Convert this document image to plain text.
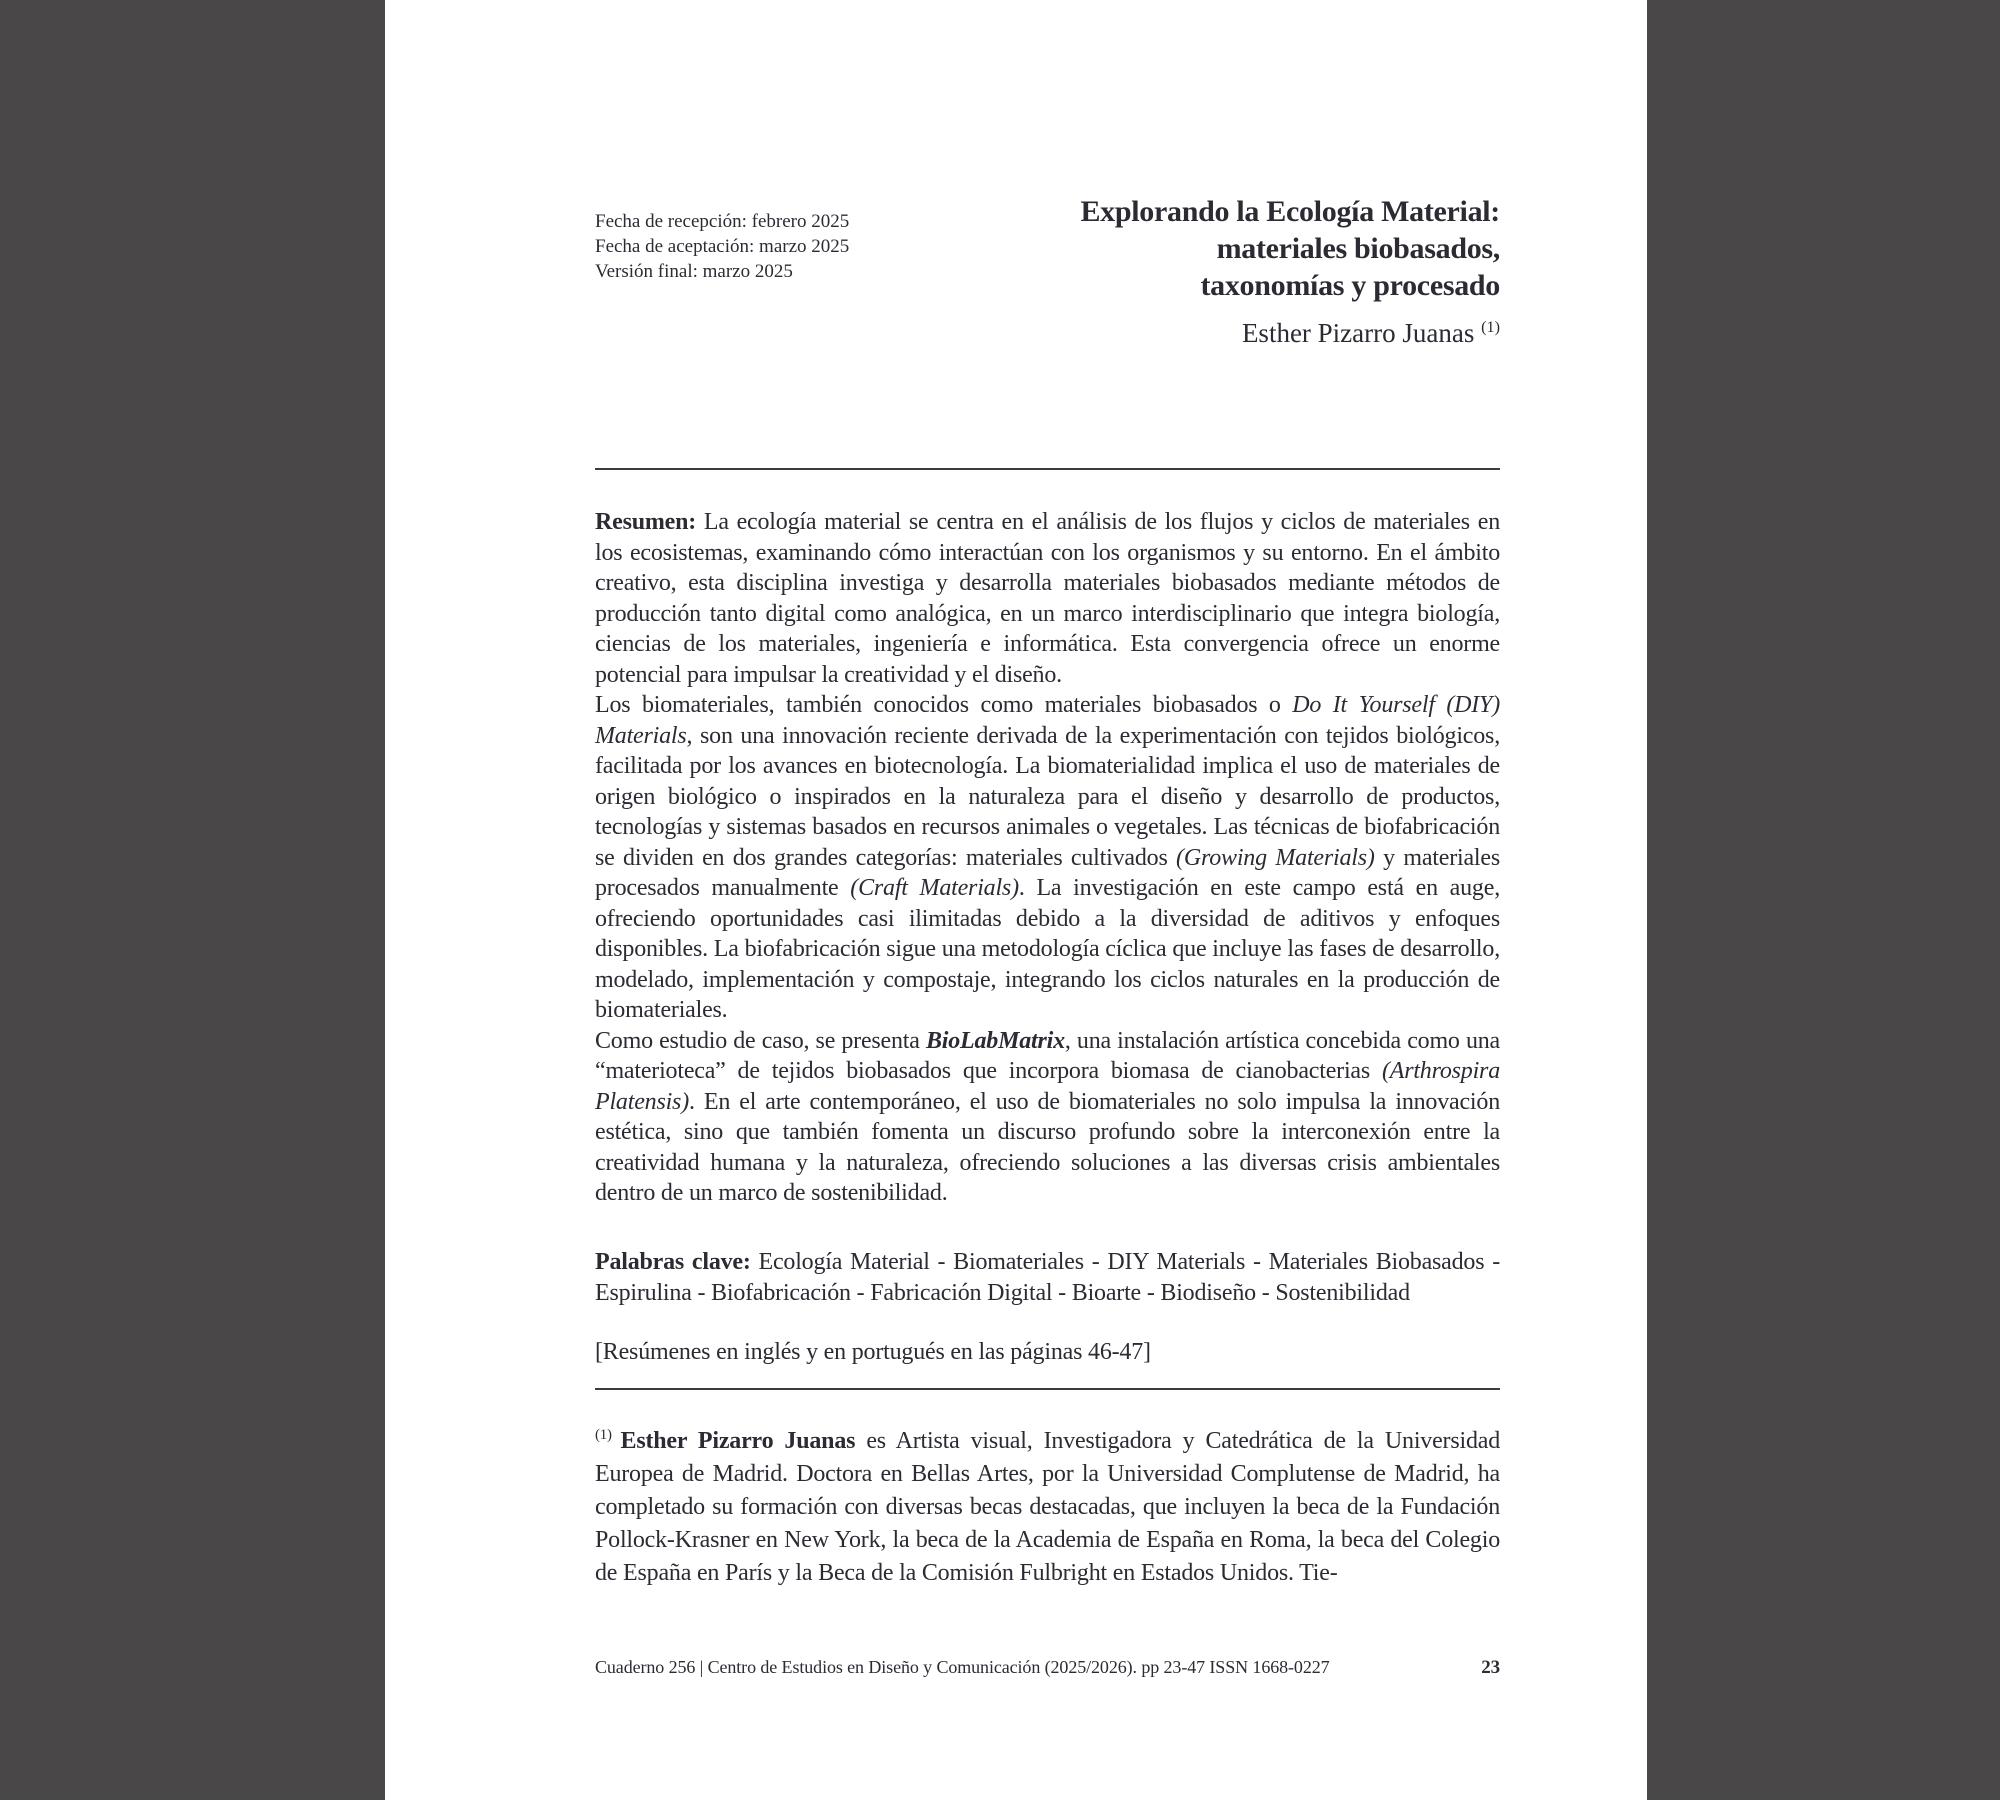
Fecha de recepción: febrero 2025
Fecha de aceptación: marzo 2025
Versión final: marzo 2025
Explorando la Ecología Material:
materiales biobasados,
taxonomías y procesado
Esther Pizarro Juanas $^{(1)}$

Resumen: La ecología material se centra en el análisis de los flujos y ciclos de materiales en los ecosistemas, examinando cómo interactúan con los organismos y su entorno. En el ámbito creativo, esta disciplina investiga y desarrolla materiales biobasados mediante métodos de producción tanto digital como analógica, en un marco interdisciplinario que integra biología, ciencias de los materiales, ingeniería e informática. Esta convergencia ofrece un enorme potencial para impulsar la creatividad y el diseño.

Los biomateriales, también conocidos como materiales biobasados o Do It Yourself (DIY) Materials, son una innovación reciente derivada de la experimentación con tejidos biológicos, facilitada por los avances en biotecnología. La biomaterialidad implica el uso de materiales de origen biológico o inspirados en la naturaleza para el diseño y desarrollo de productos, tecnologías y sistemas basados en recursos animales o vegetales. Las técnicas de biofabricación se dividen en dos grandes categorías: materiales cultivados (Growing Materials) y materiales procesados manualmente (Craft Materials). La investigación en este campo está en auge, ofreciendo oportunidades casi ilimitadas debido a la diversidad de aditivos y enfoques disponibles. La biofabricación sigue una metodología cíclica que incluye las fases de desarrollo, modelado, implementación y compostaje, integrando los ciclos naturales en la producción de biomateriales.

Como estudio de caso, se presenta BioLabMatrix, una instalación artística concebida como una “materioteca” de tejidos biobasados que incorpora biomasa de cianobacterias (Arthrospira Platensis). En el arte contemporáneo, el uso de biomateriales no solo impulsa la innovación estética, sino que también fomenta un discurso profundo sobre la interconexión entre la creatividad humana y la naturaleza, ofreciendo soluciones a las diversas crisis ambientales dentro de un marco de sostenibilidad.

Palabras clave: Ecología Material - Biomateriales - DIY Materials - Materiales Biobasados - Espirulina - Biofabricación - Fabricación Digital - Bioarte - Biodiseño - Sostenibilidad
[Resúmenes en inglés y en portugués en las páginas 46-47]
$^{(1)}$ Esther Pizarro Juanas es Artista visual, Investigadora y Catedrática de la Universidad Europea de Madrid. Doctora en Bellas Artes, por la Universidad Complutense de Madrid, ha completado su formación con diversas becas destacadas, que incluyen la beca de la Fundación Pollock-Krasner en New York, la beca de la Academia de España en Roma, la beca del Colegio de España en París y la Beca de la Comisión Fulbright en Estados Unidos. Tie-
Cuaderno 256 | Centro de Estudios en Diseño y Comunicación (2025/2026). pp 23-47 ISSN 1668-0227	23
